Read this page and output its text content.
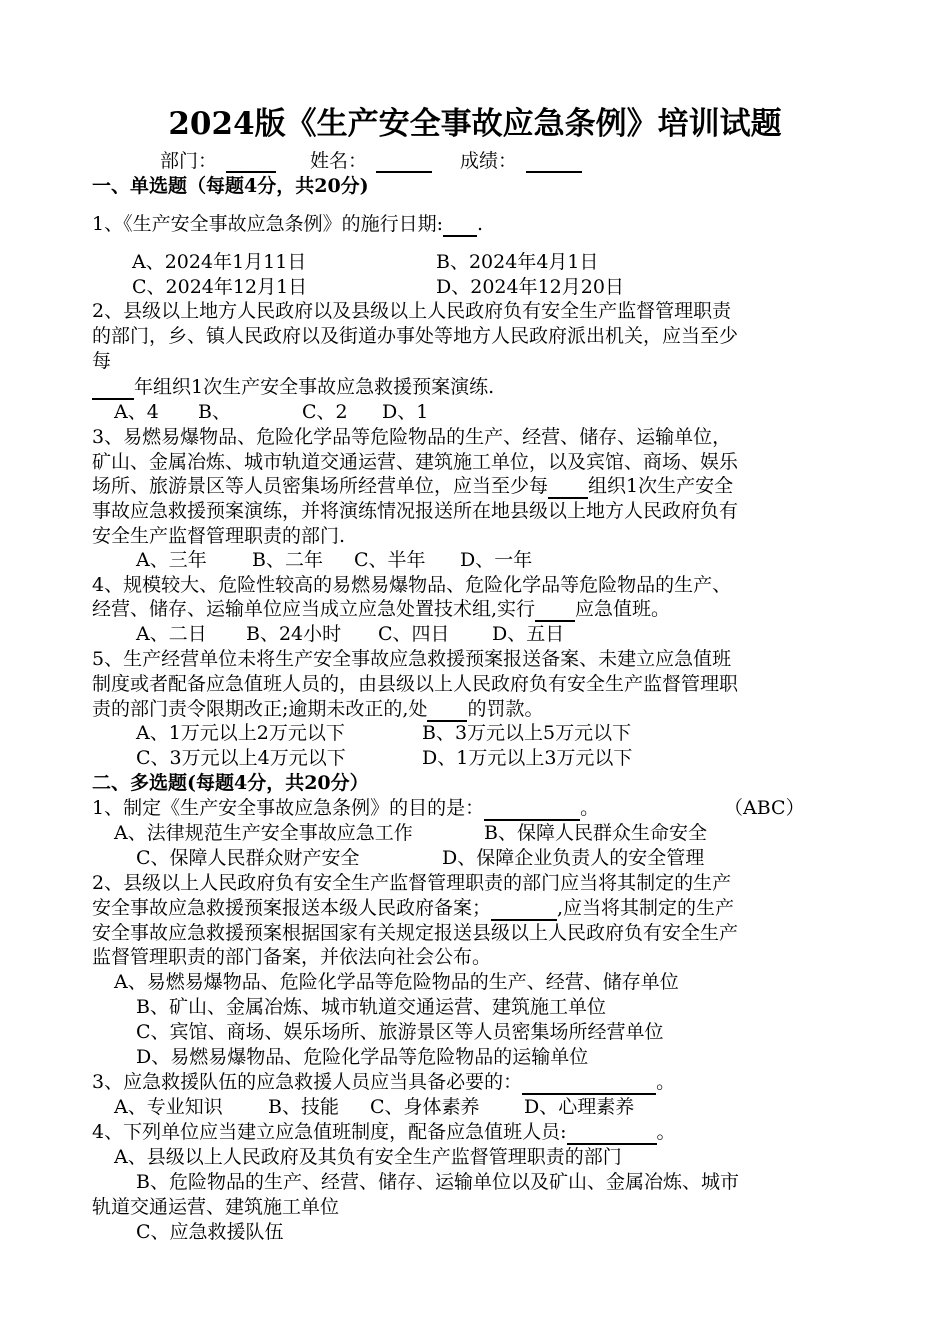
2024版《生产安全事故应急条例》培训试题
部门：	姓名：	成绩：
一、单选题（每题4分，共20分)
1、《生产安全事故应急条例》的施行日期: .
A、2024年1月11日	B、2024年4月1日
C、2024年12月1日	D、2024年12月20日
2、县级以上地方人民政府以及县级以上人民政府负有安全生产监督管理职责
的部门，乡、镇人民政府以及街道办事处等地方人民政府派出机关，应当至少
每
年组织1次生产安全事故应急救援预案演练.
A、4 B、	C、2 D、1
3、易燃易爆物品、危险化学品等危险物品的生产、经营、储存、运输单位，
矿山、金属冶炼、城市轨道交通运营、建筑施工单位，以及宾馆、商场、娱乐
场所、旅游景区等人员密集场所经营单位，应当至少每 组织1次生产安全
事故应急救援预案演练，并将演练情况报送所在地县级以上地方人民政府负有
安全生产监督管理职责的部门.
A、三年 B、二年 C、半年 D、一年
4、规模较大、危险性较高的易燃易爆物品、危险化学品等危险物品的生产、
经营、储存、运输单位应当成立应急处置技术组,实行 应急值班。
A、二日 B、24小时 C、四日 D、五日
5、生产经营单位未将生产安全事故应急救援预案报送备案、未建立应急值班
制度或者配备应急值班人员的，由县级以上人民政府负有安全生产监督管理职
责的部门责令限期改正;逾期未改正的,处 的罚款。
A、1万元以上2万元以下	B、3万元以上5万元以下
C、3万元以上4万元以下	D、1万元以上3万元以下
二、多选题(每题4分，共20分）
1、制定《生产安全事故应急条例》的目的是：	。	（ABC）
A、法律规范生产安全事故应急工作	B、保障人民群众生命安全
C、保障人民群众财产安全	D、保障企业负责人的安全管理
2、县级以上人民政府负有安全生产监督管理职责的部门应当将其制定的生产
安全事故应急救援预案报送本级人民政府备案；	,应当将其制定的生产
安全事故应急救援预案根据国家有关规定报送县级以上人民政府负有安全生产
监督管理职责的部门备案，并依法向社会公布。
A、易燃易爆物品、危险化学品等危险物品的生产、经营、储存单位
B、矿山、金属冶炼、城市轨道交通运营、建筑施工单位
C、宾馆、商场、娱乐场所、旅游景区等人员密集场所经营单位
D、易燃易爆物品、危险化学品等危险物品的运输单位
3、应急救援队伍的应急救援人员应当具备必要的：	。
A、专业知识 B、技能 C、身体素养 D、心理素养
4、下列单位应当建立应急值班制度，配备应急值班人员:	。
A、县级以上人民政府及其负有安全生产监督管理职责的部门
B、危险物品的生产、经营、储存、运输单位以及矿山、金属冶炼、城市
轨道交通运营、建筑施工单位
C、应急救援队伍
